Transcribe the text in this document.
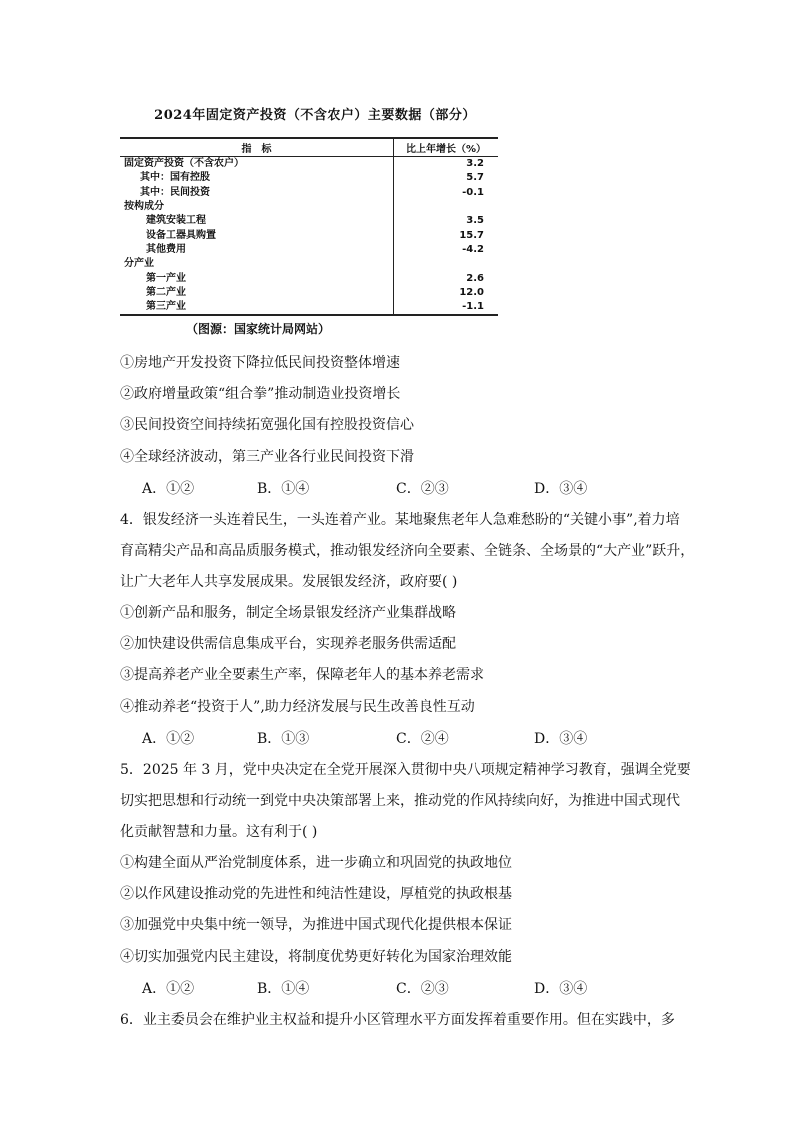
2024年固定资产投资（不含农户）主要数据（部分）
指　标	比上年增长（%）
固定资产投资（不含农户）	3.2
其中：国有控股	5.7
其中：民间投资	-0.1
按构成分	
建筑安装工程	3.5
设备工器具购置	15.7
其他费用	-4.2
分产业	
第一产业	2.6
第二产业	12.0
第三产业	-1.1
（图源：国家统计局网站）
①房地产开发投资下降拉低民间投资整体增速
②政府增量政策“组合拳”推动制造业投资增长
③民间投资空间持续拓宽强化国有控股投资信心
④全球经济波动，第三产业各行业民间投资下滑
A．①②	B．①④	C．②③	D．③④
4．银发经济一头连着民生，一头连着产业。某地聚焦老年人急难愁盼的“关键小事”,着力培
育高精尖产品和高品质服务模式，推动银发经济向全要素、全链条、全场景的“大产业”跃升，
让广大老年人共享发展成果。发展银发经济，政府要( )
①创新产品和服务，制定全场景银发经济产业集群战略
②加快建设供需信息集成平台，实现养老服务供需适配
③提高养老产业全要素生产率，保障老年人的基本养老需求
④推动养老“投资于人”,助力经济发展与民生改善良性互动
A．①②	B．①③	C．②④	D．③④
5．2025 年 3 月，党中央决定在全党开展深入贯彻中央八项规定精神学习教育，强调全党要
切实把思想和行动统一到党中央决策部署上来，推动党的作风持续向好，为推进中国式现代
化贡献智慧和力量。这有利于( )
①构建全面从严治党制度体系，进一步确立和巩固党的执政地位
②以作风建设推动党的先进性和纯洁性建设，厚植党的执政根基
③加强党中央集中统一领导，为推进中国式现代化提供根本保证
④切实加强党内民主建设，将制度优势更好转化为国家治理效能
A．①②	B．①④	C．②③	D．③④
6．业主委员会在维护业主权益和提升小区管理水平方面发挥着重要作用。但在实践中，多
